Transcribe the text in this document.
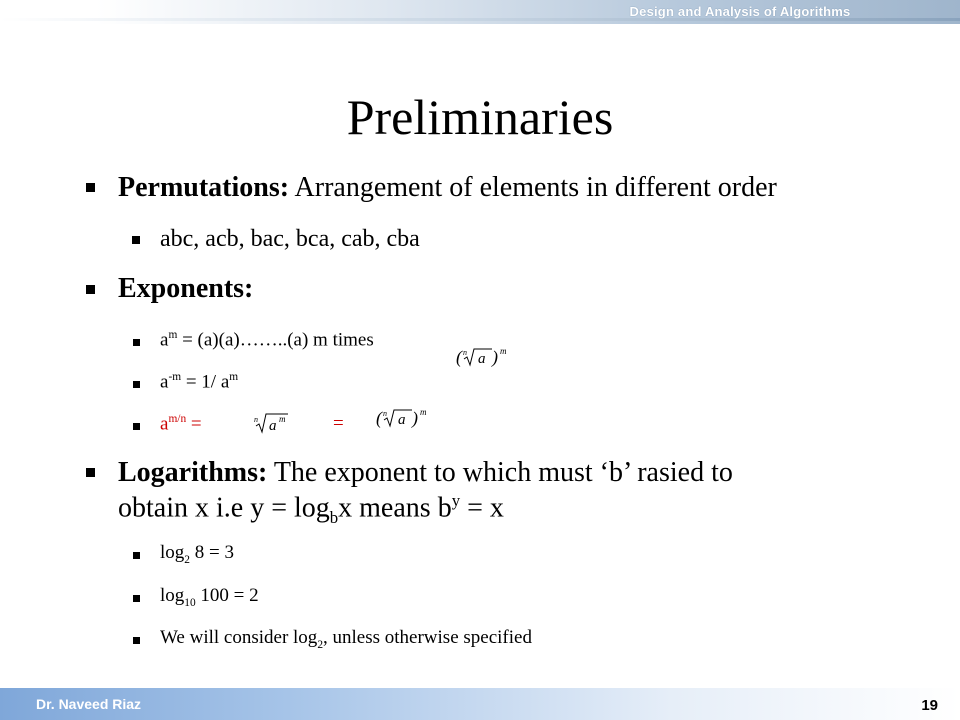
Design and Analysis of Algorithms
Preliminaries
Permutations: Arrangement of elements in different order
abc, acb, bac, bca, cab, cba
Exponents:
$a^m$ = (a)(a)……..(a) m times
$a^{-m} = 1/$ $a^m$
$a^{m/n}$ =	=
( n a ) m
n a m	( n a ) m
Logarithms: The exponent to which must ‘b’ rasied to
obtain x i.e $y = \log_bx$ means $b^y = x$
$\log_2 8 = 3$
$\log_{10} 100 = 2$
We will consider $\log_2$, unless otherwise specified
Dr. Naveed Riaz	19
